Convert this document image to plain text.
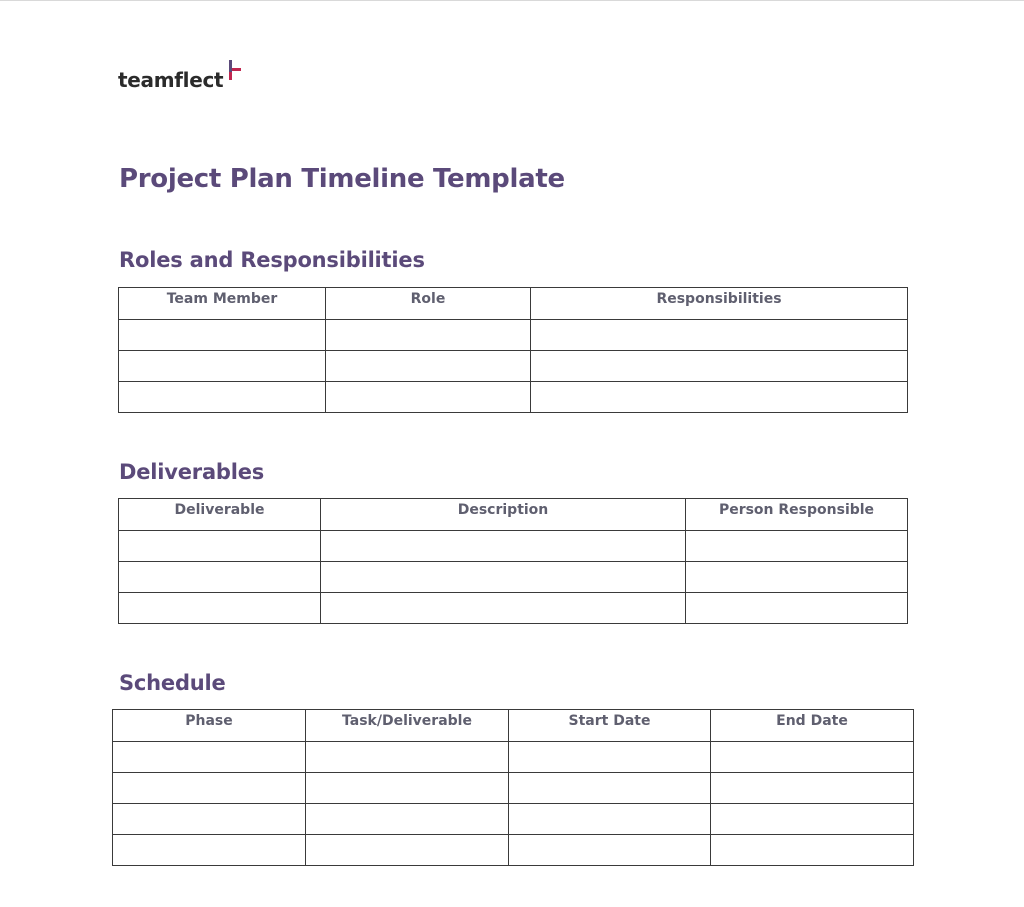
teamflect
Project Plan Timeline Template
Roles and Responsibilities
Team Member	Role	Responsibilities

Deliverables
Deliverable	Description	Person Responsible

Schedule
Phase	Task/Deliverable	Start Date	End Date
